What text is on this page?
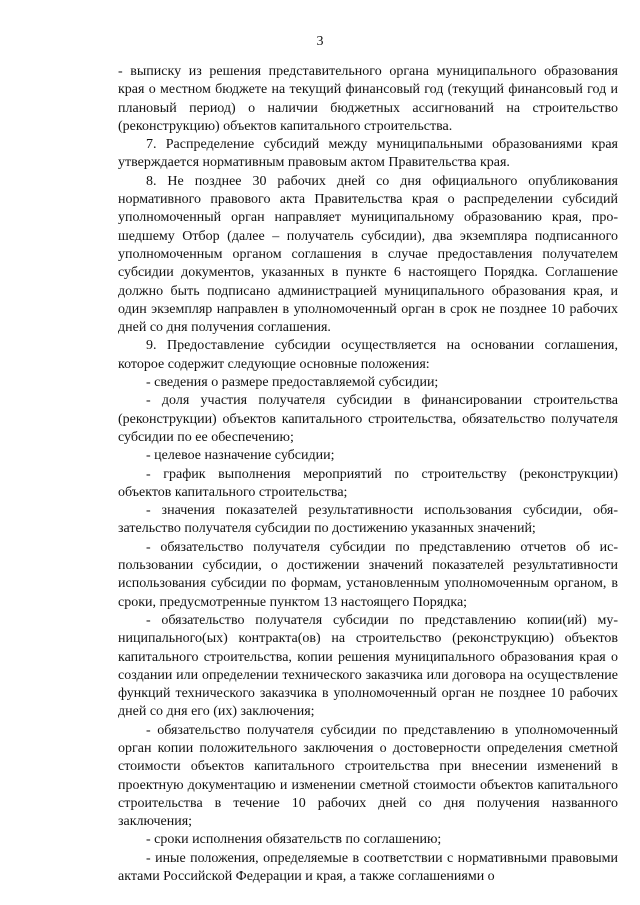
3

- выписку из решения представительного органа муниципального образования края о местном бюджете на текущий финансовый год (текущий финансовый год и плановый период) о наличии бюджетных ассигнований на строительство (реконструкцию) объектов капитального строительства.

7. Распределение субсидий между муниципальными образованиями края утверждается нормативным правовым актом Правительства края.

8. Не позднее 30 рабочих дней со дня официального опубликования нормативного правового акта Правительства края о распределении субсидий уполномоченный орган направляет муниципальному образованию края, прошедшему Отбор (далее – получатель субсидии), два экземпляра подписанного уполномоченным органом соглашения в случае предоставления получателем субсидии документов, указанных в пункте 6 настоящего Порядка. Соглашение должно быть подписано администрацией муниципального образования края, и один экземпляр направлен в уполномоченный орган в срок не позднее 10 рабочих дней со дня получения соглашения.

9. Предоставление субсидии осуществляется на основании соглашения, которое содержит следующие основные положения:

- сведения о размере предоставляемой субсидии;

- доля участия получателя субсидии в финансировании строительства (реконструкции) объектов капитального строительства, обязательство получателя субсидии по ее обеспечению;

- целевое назначение субсидии;

- график выполнения мероприятий по строительству (реконструкции) объектов капитального строительства;

- значения показателей результативности использования субсидии, обязательство получателя субсидии по достижению указанных значений;

- обязательство получателя субсидии по представлению отчетов об использовании субсидии, о достижении значений показателей результативности использования субсидии по формам, установленным уполномоченным органом, в сроки, предусмотренные пунктом 13 настоящего Порядка;

- обязательство получателя субсидии по представлению копии(ий) муниципального(ых) контракта(ов) на строительство (реконструкцию) объектов капитального строительства, копии решения муниципального образования края о создании или определении технического заказчика или договора на осуществление функций технического заказчика в уполномоченный орган не позднее 10 рабочих дней со дня его (их) заключения;

- обязательство получателя субсидии по представлению в уполномоченный орган копии положительного заключения о достоверности определения сметной стоимости объектов капитального строительства при внесении изменений в проектную документацию и изменении сметной стоимости объектов капитального строительства в течение 10 рабочих дней со дня получения названного заключения;

- сроки исполнения обязательств по соглашению;

- иные положения, определяемые в соответствии с нормативными правовыми актами Российской Федерации и края, а также соглашениями о
